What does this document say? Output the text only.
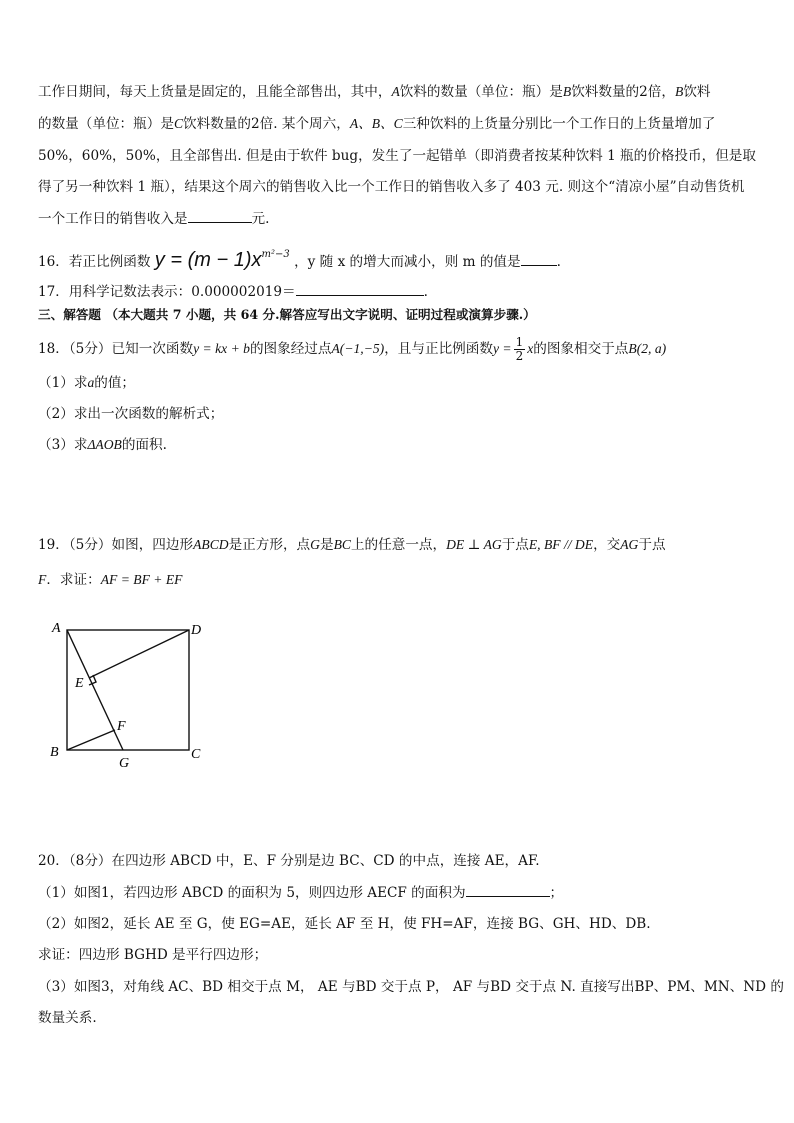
工作日期间，每天上货量是固定的，且能全部售出，其中，A饮料的数量（单位：瓶）是B饮料数量的2倍，B饮料
的数量（单位：瓶）是C饮料数量的2倍. 某个周六，A、B、C三种饮料的上货量分别比一个工作日的上货量增加了
50%，60%，50%，且全部售出. 但是由于软件 bug，发生了一起错单（即消费者按某种饮料 1 瓶的价格投币，但是取
得了另一种饮料 1 瓶），结果这个周六的销售收入比一个工作日的销售收入多了 403 元. 则这个“清凉小屋”自动售货机
一个工作日的销售收入是	元.
16．若正比例函数 $y = (m - 1)x^{m^2-3}$ ，y 随 x 的增大而减小，则 m 的值是	.
17．用科学记数法表示：0.000002019＝	.
三、解答题 （本大题共 7 小题，共 64 分.解答应写出文字说明、证明过程或演算步骤.）
18．（5分）已知一次函数y = kx + b的图象经过点A(−1,−5)，且与正比例函数$y = \frac{1}{2}$ x的图象相交于点B(2, a)
（1）求a的值；
（2）求出一次函数的解析式；
（3）求ΔAOB的面积.
19．（5分）如图，四边形ABCD是正方形，点G是BC上的任意一点，DE ⊥ AG于点E, BF // DE，交AG于点
F．求证：AF = BF + EF
A	D
E
F
B
G
C
20．（8分）在四边形 ABCD 中，E、F 分别是边 BC、CD 的中点，连接 AE，AF.
（1）如图1，若四边形 ABCD 的面积为 5，则四边形 AECF 的面积为	；
（2）如图2，延长 AE 至 G，使 EG=AE，延长 AF 至 H，使 FH=AF，连接 BG、GH、HD、DB.
求证：四边形 BGHD 是平行四边形；
（3）如图3，对角线 AC、BD 相交于点 M， AE 与BD 交于点 P， AF 与BD 交于点 N. 直接写出BP、PM、MN、ND 的
数量关系.
